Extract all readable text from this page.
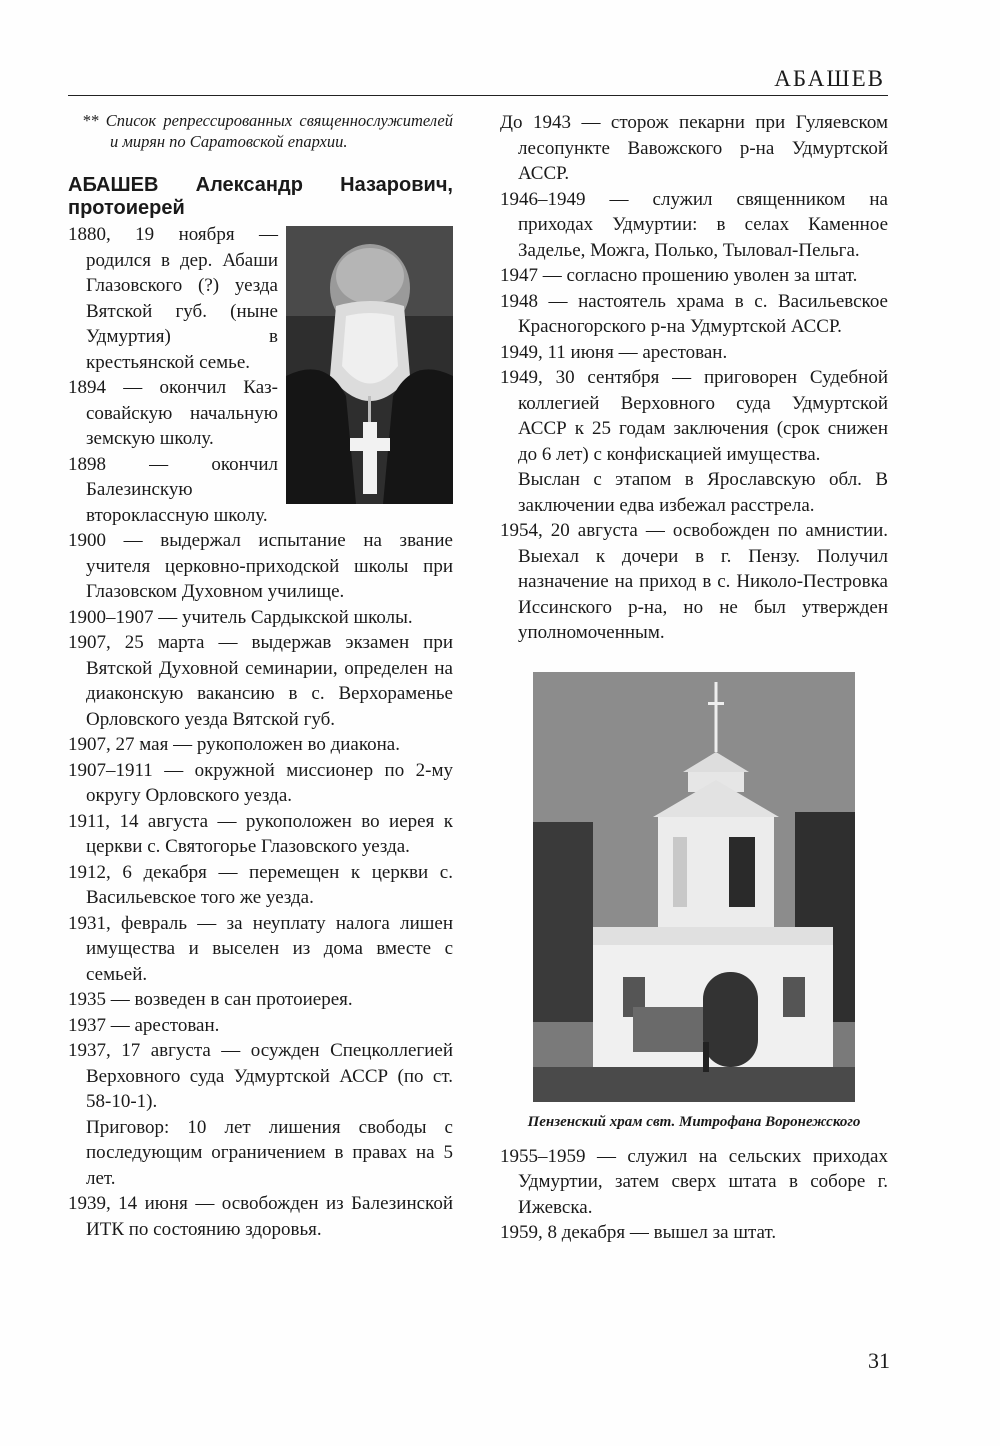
АБАШЕВ

** Список репрессированных священнослужителей и мирян по Саратовской епархии.

АБАШЕВ Александр Назарович,
протоиерей

1880, 19 ноября — родился в дер. Абаши Глазовского (?) уезда Вятской губ. (ныне Удмуртия) в крестьянской семье.

1894 — окончил Казсовайскую начальную земскую школу.

1898 — окончил Балезинскую второклассную школу.

1900 — выдержал испытание на звание учителя церковно-приходской школы при Глазовском Духовном училище.

1900–1907 — учитель Сардыкской школы.

1907, 25 марта — выдержав экзамен при Вятской Духовной семинарии, определен на диаконскую вакансию в с. Верхораменье Орловского уезда Вятской губ.

1907, 27 мая — рукоположен во диакона.

1907–1911 — окружной миссионер по 2-му округу Орловского уезда.

1911, 14 августа — рукоположен во иерея к церкви с. Святогорье Глазовского уезда.

1912, 6 декабря — перемещен к церкви с. Васильевское того же уезда.

1931, февраль — за неуплату налога лишен имущества и выселен из дома вместе с семьей.

1935 — возведен в сан протоиерея.

1937 — арестован.

1937, 17 августа — осужден Спецколлегией Верховного суда Удмуртской АССР (по ст. 58-10-1).

Приговор: 10 лет лишения свободы с последующим ограничением в правах на 5 лет.

1939, 14 июня — освобожден из Балезинской ИТК по состоянию здоровья.

До 1943 — сторож пекарни при Гуляевском лесопункте Вавожского р-на Удмуртской АССР.

1946–1949 — служил священником на приходах Удмуртии: в селах Каменное Заделье, Можга, Полько, Тыловал-Пельга.

1947 — согласно прошению уволен за штат.

1948 — настоятель храма в с. Васильевское Красногорского р-на Удмуртской АССР.

1949, 11 июня — арестован.

1949, 30 сентября — приговорен Судебной коллегией Верховного суда Удмуртской АССР к 25 годам заключения (срок снижен до 6 лет) с конфискацией имущества.

Выслан с этапом в Ярославскую обл. В заключении едва избежал расстрела.

1954, 20 августа — освобожден по амнистии. Выехал к дочери в г. Пензу. Получил назначение на приход в с. Николо-Пестровка Иссинского р-на, но не был утвержден уполномоченным.

Пензенский храм свт. Митрофана Воронежского

1955–1959 — служил на сельских приходах Удмуртии, затем сверх штата в соборе г. Ижевска.

1959, 8 декабря — вышел за штат.

31
